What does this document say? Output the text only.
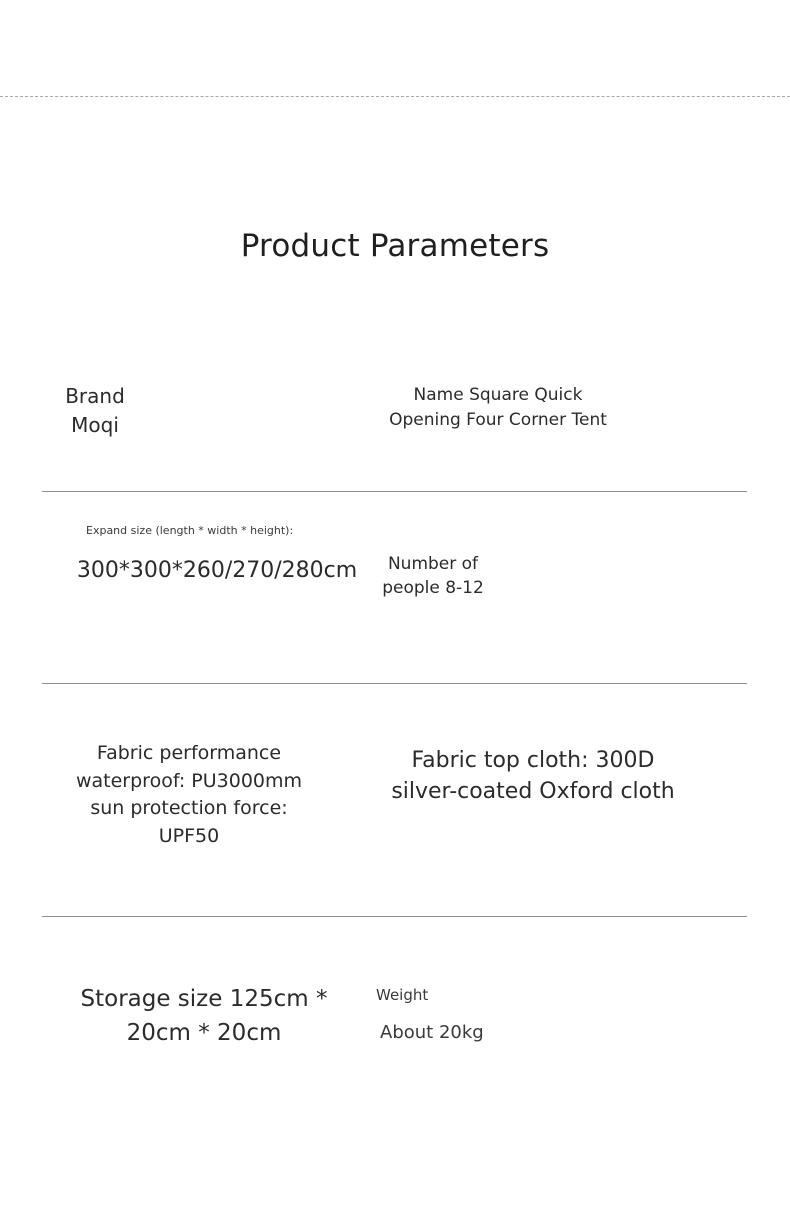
Product Parameters
Brand
Moqi
Name Square Quick
Opening Four Corner Tent
Expand size (length * width * height):
300*300*260/270/280cm	Number of
people 8-12
Fabric performance
waterproof: PU3000mm
sun protection force:
UPF50
Fabric top cloth: 300D
silver-coated Oxford cloth
Storage size 125cm *
20cm * 20cm
Weight
About 20kg
